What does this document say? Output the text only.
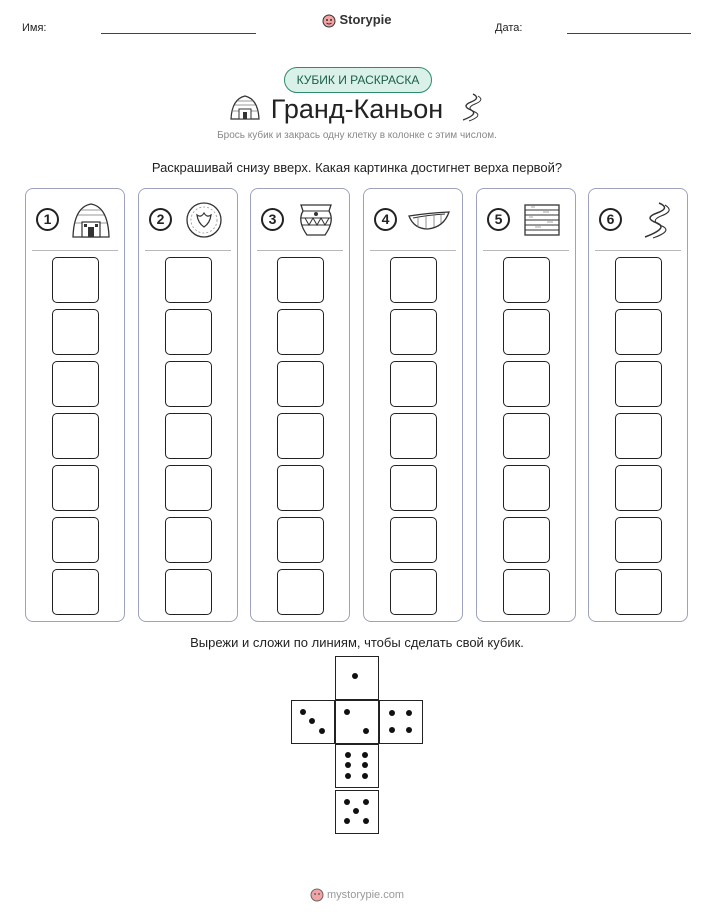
Имя:
Storypie
Дата:
КУБИК И РАСКРАСКА
Гранд-Каньон
Брось кубик и закрась одну клетку в колонке с этим числом.
Раскрашивай снизу вверх. Какая картинка достигнет верха первой?
1	2	3	4	5	6
Вырежи и сложи по линиям, чтобы сделать свой кубик.
mystorypie.com
